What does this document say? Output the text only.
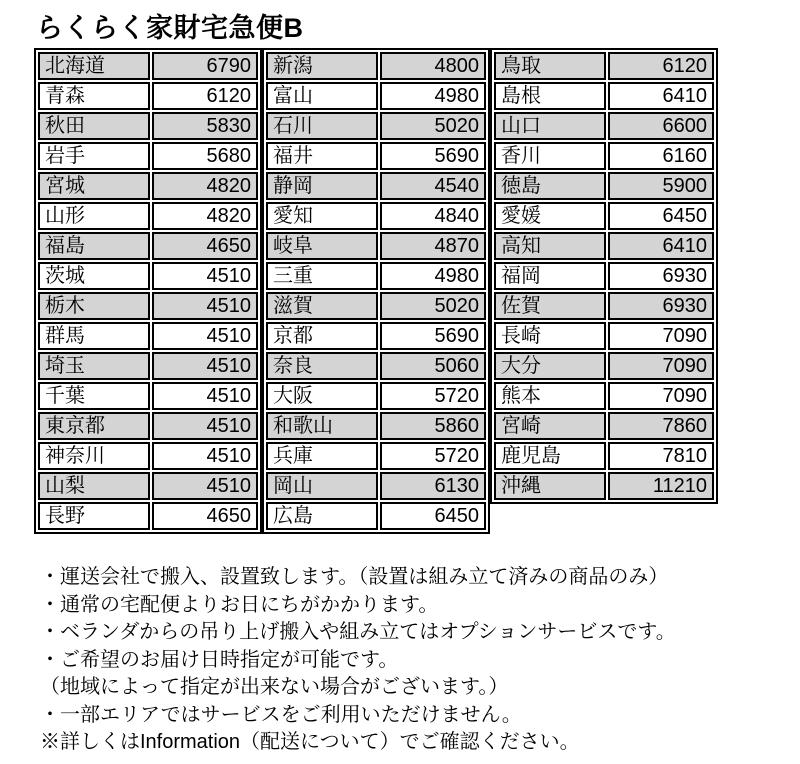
らくらく家財宅急便B
北海道	6790
青森	6120
秋田	5830
岩手	5680
宮城	4820
山形	4820
福島	4650
茨城	4510
栃木	4510
群馬	4510
埼玉	4510
千葉	4510
東京都	4510
神奈川	4510
山梨	4510
長野	4650
新潟	4800
富山	4980
石川	5020
福井	5690
静岡	4540
愛知	4840
岐阜	4870
三重	4980
滋賀	5020
京都	5690
奈良	5060
大阪	5720
和歌山	5860
兵庫	5720
岡山	6130
広島	6450
鳥取	6120
島根	6410
山口	6600
香川	6160
徳島	5900
愛媛	6450
高知	6410
福岡	6930
佐賀	6930
長崎	7090
大分	7090
熊本	7090
宮崎	7860
鹿児島	7810
沖縄	11210
・運送会社で搬入、設置致します。（設置は組み立て済みの商品のみ）
・通常の宅配便よりお日にちがかかります。
・ベランダからの吊り上げ搬入や組み立てはオプションサービスです。
・ご希望のお届け日時指定が可能です。
（地域によって指定が出来ない場合がございます。）
・一部エリアではサービスをご利用いただけません。
※詳しくはInformation（配送について）でご確認ください。
